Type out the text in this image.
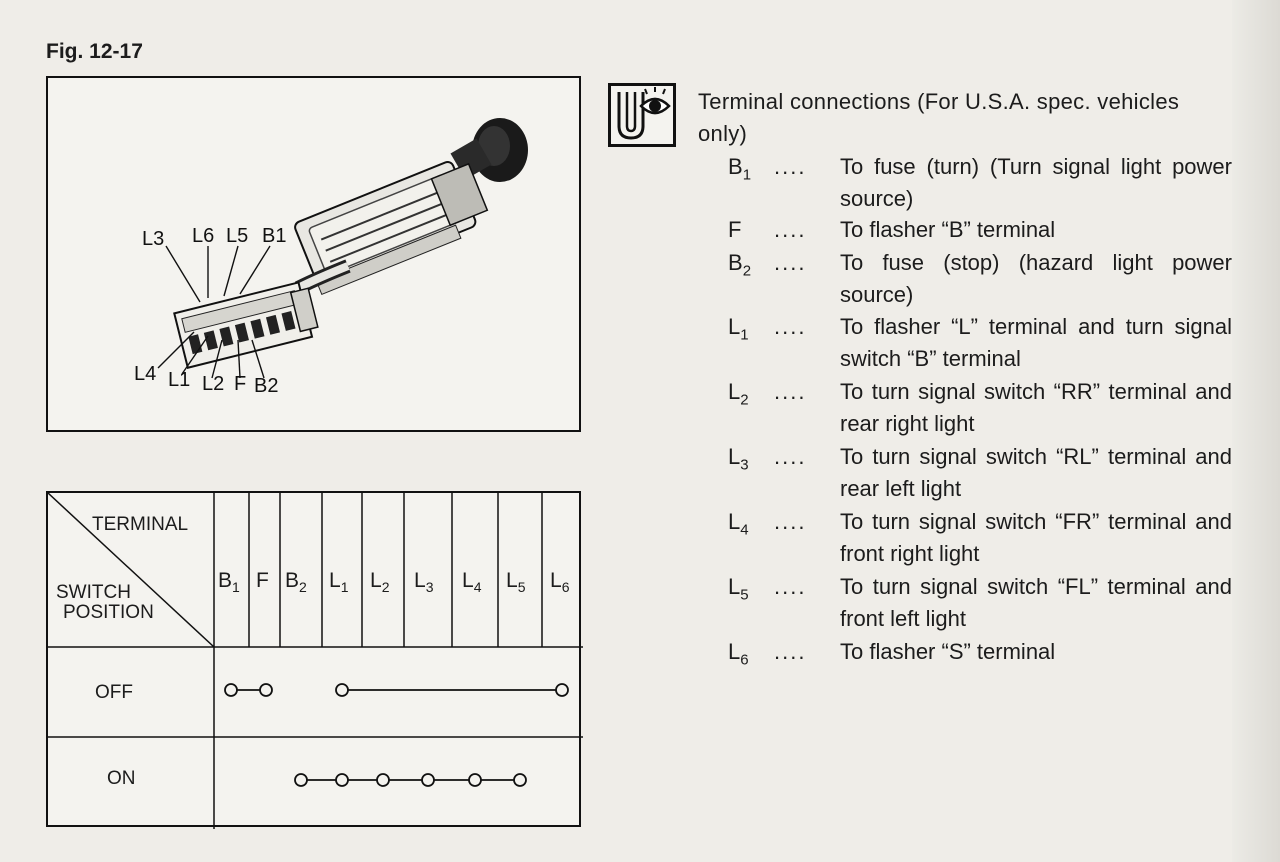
Fig. 12-17
L3 L6 L5 B1
L4 L1 L2 F B2
Terminal connections (For U.S.A. spec. vehicles
only)
$B_1$	.... To fuse (turn) (Turn signal light power source)
F	.... To flasher “B” terminal
$B_2$	.... To fuse (stop) (hazard light power source)
$L_1$	.... To flasher “L” terminal and turn signal switch “B” terminal
$L_2$	.... To turn signal switch “RR” terminal and rear right light
$L_3$	.... To turn signal switch “RL” terminal and rear left light
$L_4$	.... To turn signal switch “FR” terminal and front right light
$L_5$	.... To turn signal switch “FL” terminal and front left light
$L_6$	.... To flasher “S” terminal
TERMINAL
SWITCH
POSITION
$B_1$ F $B_2$ $L_1$ $L_2$ $L_3$ $L_4$ $L_5$ $L_6$
OFF
ON
